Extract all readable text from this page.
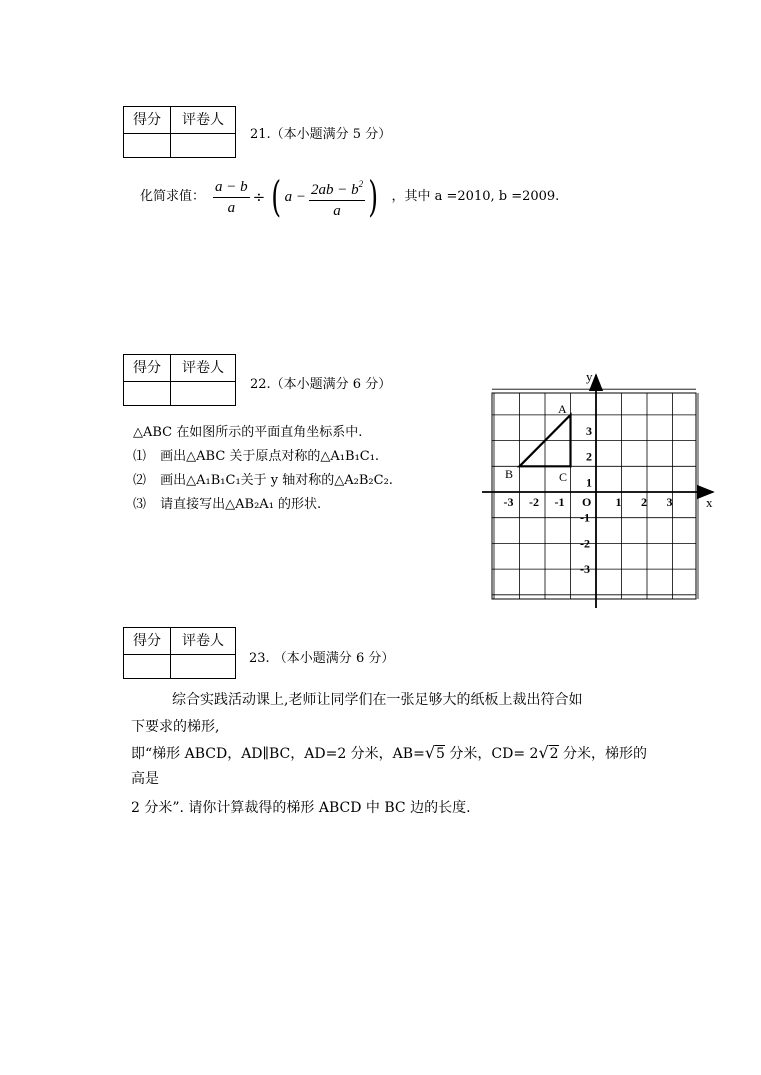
得分 评卷人
21.（本小题满分 5 分）
化简求值： $\frac{a - b}{a}$ ÷ ( $a - \frac{2ab - b^2}{a}$ ) ，其中 a =2010, b =2009.
得分 评卷人
22.（本小题满分 6 分）
△ABC 在如图所示的平面直角坐标系中.
⑴ 画出△ABC 关于原点对称的△A₁B₁C₁.
⑵ 画出△A₁B₁C₁关于 y 轴对称的△A₂B₂C₂.
⑶ 请直接写出△AB₂A₁ 的形状.	x
y
O
A
B	C
-3 -2 -1	1 2 3
3
2
1
-1
-2
-3
得分 评卷人
23. （本小题满分 6 分）
综合实践活动课上,老师让同学们在一张足够大的纸板上裁出符合如
下要求的梯形,
即“梯形 ABCD，AD∥BC，AD=2 分米，AB=√5 分米，CD= 2√2 分米，梯形的
高是
2 分米”. 请你计算裁得的梯形 ABCD 中 BC 边的长度.
